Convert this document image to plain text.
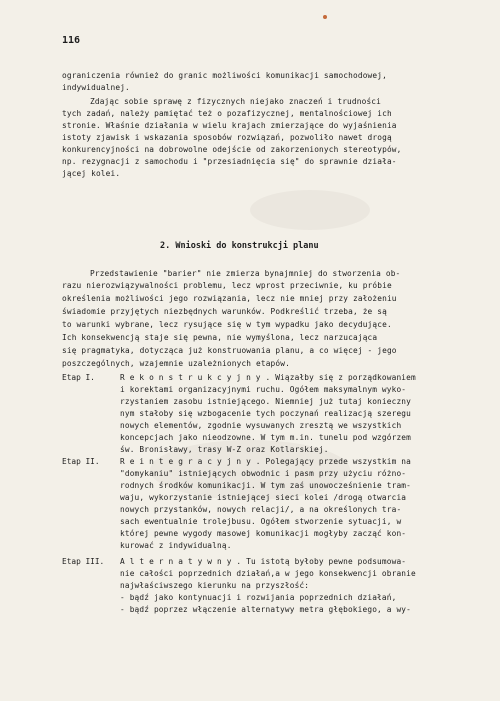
116
ograniczenia również do granic możliwości komunikacji samochodowej,
indywidualnej.
Zdając sobie sprawę z fizycznych niejako znaczeń i trudności
tych zadań, należy pamiętać też o pozafizycznej, mentalnościowej ich
stronie. Właśnie działania w wielu krajach zmierzające do wyjaśnienia
istoty zjawisk i wskazania sposobów rozwiązań, pozwoliło nawet drogą
konkurencyjności na dobrowolne odejście od zakorzenionych stereotypów,
np. rezygnacji z samochodu i "przesiadnięcia się" do sprawnie działa-
jącej kolei.
2. Wnioski do konstrukcji planu
Przedstawienie "barier" nie zmierza bynajmniej do stworzenia ob-
razu nierozwiązywalności problemu, lecz wprost przeciwnie, ku próbie
określenia możliwości jego rozwiązania, lecz nie mniej przy założeniu
świadomie przyjętych niezbędnych warunków. Podkreślić trzeba, że są
to warunki wybrane, lecz rysujące się w tym wypadku jako decydujące.
Ich konsekwencją staje się pewna, nie wymyślona, lecz narzucająca
się pragmatyka, dotycząca już konstruowania planu, a co więcej - jego
poszczególnych, wzajemnie uzależnionych etapów.
Etap I.	R e k o n s t r u k c y j n y . Wiązałby się z porządkowaniem
i korektami organizacyjnymi ruchu. Ogółem maksymalnym wyko-
rzystaniem zasobu istniejącego. Niemniej już tutaj konieczny
nym stałoby się wzbogacenie tych poczynań realizacją szeregu
nowych elementów, zgodnie wysuwanych zresztą we wszystkich
koncepcjach jako nieodzowne. W tym m.in. tunelu pod wzgórzem
św. Bronisławy, trasy W-Z oraz Kotlarskiej.
Etap II.	R e i n t e g r a c y j n y . Polegający przede wszystkim na
"domykaniu" istniejących obwodnic i pasm przy użyciu różno-
rodnych środków komunikacji. W tym zaś unowocześnienie tram-
waju, wykorzystanie istniejącej sieci kolei /drogą otwarcia
nowych przystanków, nowych relacji/, a na określonych tra-
sach ewentualnie trolejbusu. Ogółem stworzenie sytuacji, w
której pewne wygody masowej komunikacji mogłyby zacząć kon-
kurować z indywidualną.
Etap III. A l t e r n a t y w n y . Tu istotą byłoby pewne podsumowa-
nie całości poprzednich działań,a w jego konsekwencji obranie
najwłaściwszego kierunku na przyszłość:
- bądź jako kontynuacji i rozwijania poprzednich działań,
- bądź poprzez włączenie alternatywy metra głębokiego, a wy-
